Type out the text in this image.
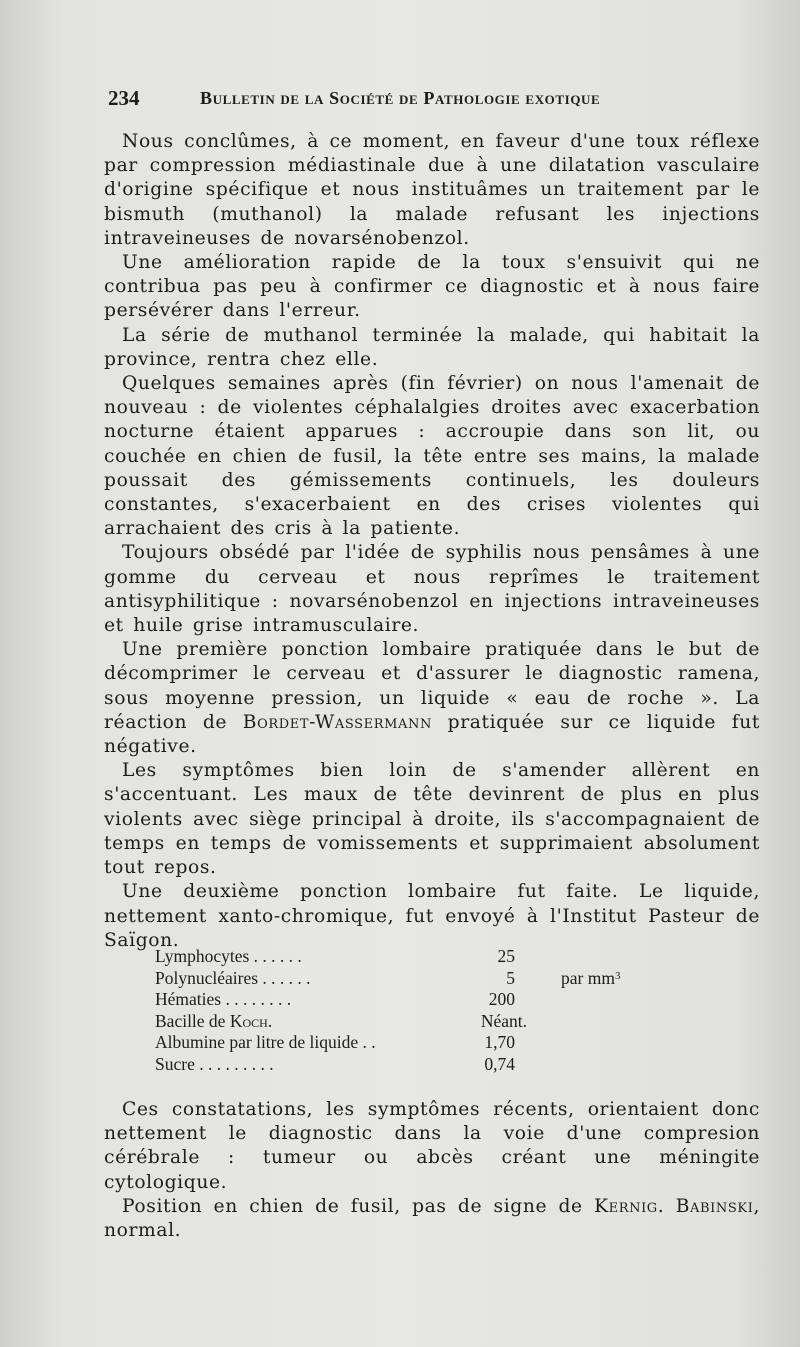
234	Bulletin de la Société de Pathologie exotique

Nous conclûmes, à ce moment, en faveur d'une toux réflexe par compression médiastinale due à une dilatation vasculaire d'origine spécifique et nous instituâmes un traitement par le bismuth (muthanol) la malade refusant les injections intraveineuses de novarsénobenzol.

Une amélioration rapide de la toux s'ensuivit qui ne contribua pas peu à confirmer ce diagnostic et à nous faire persévérer dans l'erreur.

La série de muthanol terminée la malade, qui habitait la province, rentra chez elle.

Quelques semaines après (fin février) on nous l'amenait de nouveau : de violentes céphalalgies droites avec exacerbation nocturne étaient apparues : accroupie dans son lit, ou couchée en chien de fusil, la tête entre ses mains, la malade poussait des gémissements continuels, les douleurs constantes, s'exacerbaient en des crises violentes qui arrachaient des cris à la patiente.

Toujours obsédé par l'idée de syphilis nous pensâmes à une gomme du cerveau et nous reprîmes le traitement antisyphilitique : novarsénobenzol en injections intraveineuses et huile grise intramusculaire.

Une première ponction lombaire pratiquée dans le but de décomprimer le cerveau et d'assurer le diagnostic ramena, sous moyenne pression, un liquide « eau de roche ». La réaction de Bordet-Wassermann pratiquée sur ce liquide fut négative.

Les symptômes bien loin de s'amender allèrent en s'accentuant. Les maux de tête devinrent de plus en plus violents avec siège principal à droite, ils s'accompagnaient de temps en temps de vomissements et supprimaient absolument tout repos.

Une deuxième ponction lombaire fut faite. Le liquide, nettement xanto-chromique, fut envoyé à l'Institut Pasteur de Saïgon.

Lymphocytes . . . . . .	25
Polynucléaires . . . . . .	5	par $mm^3$
Hématies . . . . . . . .	200
Bacille de Koch.	Néant.
Albumine par litre de liquide . .	1,70
Sucre . . . . . . . . .	0,74

Ces constatations, les symptômes récents, orientaient donc nettement le diagnostic dans la voie d'une compresion cérébrale : tumeur ou abcès créant une méningite cytologique.

Position en chien de fusil, pas de signe de Kernig. Babinski, normal.
